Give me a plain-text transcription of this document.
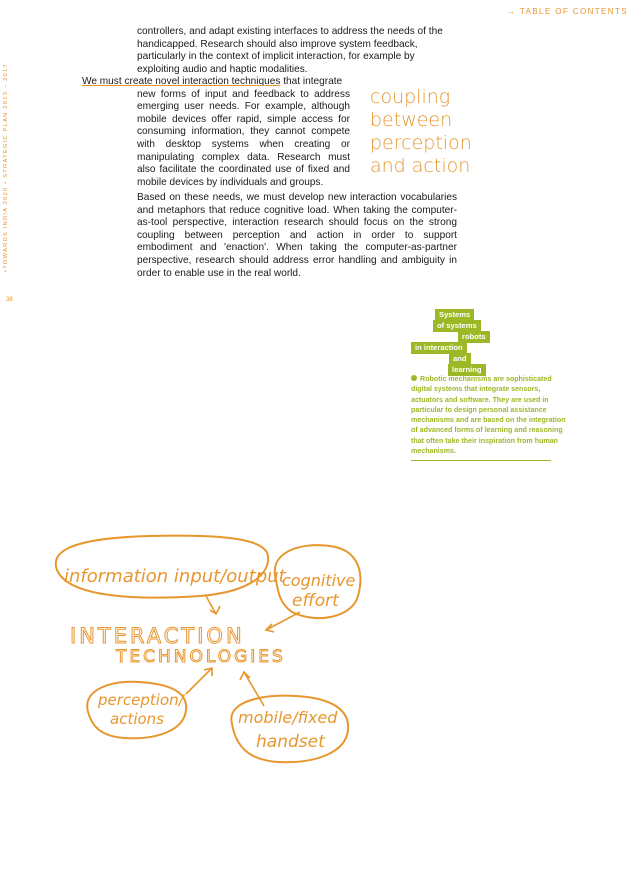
→ TABLE OF CONTENTS
•TOWARDS INRIA 2020 • STRATEGIC PLAN 2013 – 2017
38

controllers, and adapt existing interfaces to address the needs of the handicapped. Research should also improve system feedback, particularly in the context of implicit interaction, for example by exploiting audio and haptic modalities.

We must create novel interaction techniques that integrate
new forms of input and feedback to address emerging user needs. For example, although mobile devices offer rapid, simple access for consuming information, they cannot compete with desktop systems when creating or manipulating complex data. Research must also facilitate the coordinated use of fixed and mobile devices by individuals and groups.

Based on these needs, we must develop new interaction vocabularies and metaphors that reduce cognitive load. When taking the computer-as-tool perspective, interaction research should focus on the strong coupling between perception and action in order to support embodiment and 'enaction'. When taking the computer-as-partner perspective, research should address error handling and ambiguity in order to enable use in the real world.

coupling
between
perception
and action

Systems
of systems
robots
in interaction
and
learning

Robotic mechanisms are sophisticated digital systems that integrate sensors, actuators and software. They are used in particular to design personal assistance mechanisms and are based on the integration of advanced forms of learning and reasoning that often take their inspiration from human mechanisms.

information input/output
cognitive
effort
INTERACTION
TECHNOLOGIES
perception/
actions	mobile/fixed
handset
